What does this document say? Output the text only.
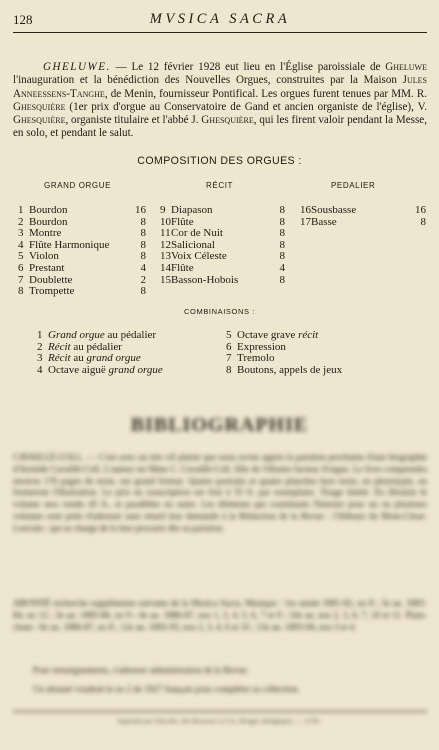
128	MVSICA SACRA
GHELUWE. — Le 12 février 1928 eut lieu en l'Église paroissiale de Gheluwe l'inauguration et la bénédiction des Nouvelles Orgues, construites par la Maison Jules Anneessens-Tanghe, de Menin, fournisseur Pontifical. Les orgues furent tenues par MM. R. Ghesquière (1er prix d'orgue au Conservatoire de Gand et ancien organiste de l'église), V. Ghesquière, organiste titulaire et l'abbé J. Ghesquière, qui les firent valoir pendant la Messe, en solo, et pendant le salut.
COMPOSITION DES ORGUES :
GRAND ORGUE	RÉCIT	PEDALIER
1 Bourdon	16
2 Bourdon	8
3 Montre	8
4 Flûte Harmonique	8
5 Violon	8
6 Prestant	4
7 Doublette	2
8 Trompette	8
9 Diapason	8
10 Flûte	8
11 Cor de Nuit	8
12 Salicional	8
13 Voix Céleste	8
14 Flûte	4
15 Basson-Hobois	8
16 Sousbasse	16
17 Basse	8
COMBINAISONS :
1 Grand orgue au pédalier
2 Récit au pédalier
3 Récit au grand orgue
4 Octave aiguë grand orgue
5 Octave grave récit
6 Expression
7 Tremolo
8 Boutons, appels de jeux
BIBLIOGRAPHIE
CAVAILLÉ-COLL. — C'est avec un très vif plaisir que nous avons appris la parution prochaine d'une biographie d'Aristide Cavaillé-Coll. L'auteur est Mme C. Cavaillé-Coll, fille de l'illustre facteur d'orgue. Le livre comprendra environ 176 pages de texte, sur grand format. Quatre portraits et quatre planches hors texte, en phototypie, en formeront l'illustration. Le prix en souscription est fixé à 55 fr. par exemplaire. Tirage limité. En librairie le volume sera vendu 45 fr., et parallèles en outre. Les éléments qui constituent l'histoire pour un ou plusieurs volumes sont priés d'adresser sans retard leur demande à la Rédaction de la Revue : l'Abbaye du Mont-César-Louvain : qui se charge de la leur procurer dès sa parution.
ABONNÉ recherche suppléments suivants de la Musica Sacra. Musique : 1re année 1881-82, no 8 ; 3e an. 1883-84, no 12 ; 3e an. 1885-86, no 9 ; 4e an. 1886-87, nos 1, 3, 4, 5, 6, 7 et 9 ; 10e an. nos 2, 3, 6, 7, 10 et 11. Plain-chant : 6e an. 1886-87, no 8 ; 12e an. 1892-93, nos 2, 3, 4, 6 et 10 ; 13e an. 1893-94, nos 3 et 4.
Pour renseignements, s'adresser administration de la Revue.
Un abonné voudrait le no 2 de 1927 français pour compléter sa collection.
Imprimé par Desclée, De Brouwer et Cie, Bruges (Belgique). — 2795.
